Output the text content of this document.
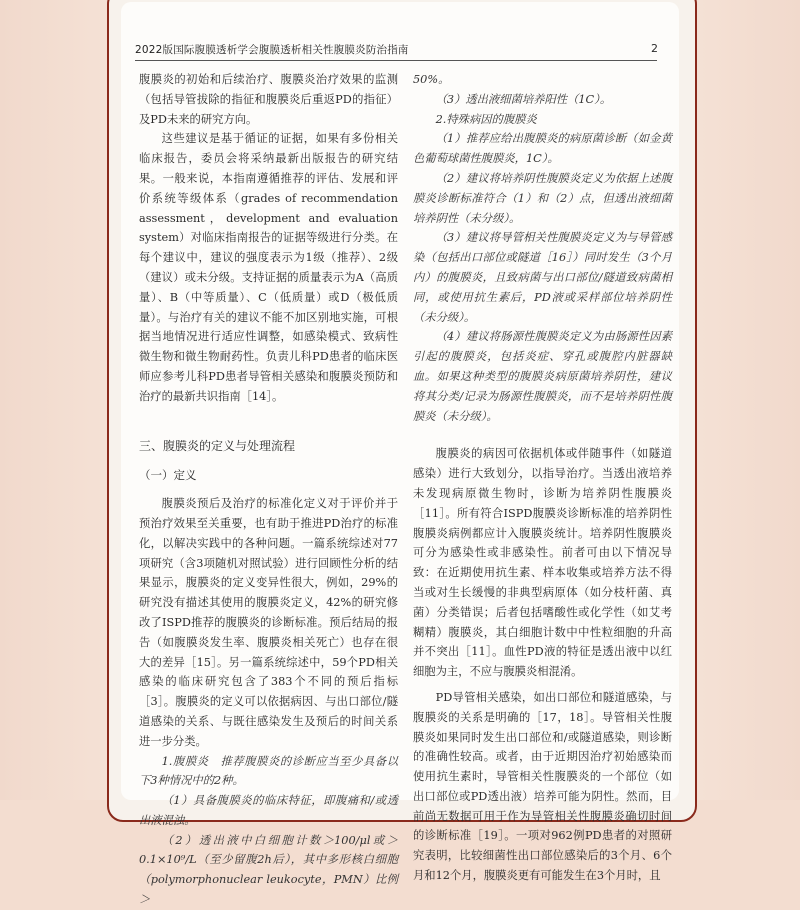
2022版国际腹膜透析学会腹膜透析相关性腹膜炎防治指南	2

腹膜炎的初始和后续治疗、腹膜炎治疗效果的监测（包括导管拔除的指征和腹膜炎后重返PD的指征）及PD未来的研究方向。

这些建议是基于循证的证据，如果有多份相关临床报告，委员会将采纳最新出版报告的研究结果。一般来说，本指南遵循推荐的评估、发展和评价系统等级体系（grades of recommendation assessment，development and evaluation system）对临床指南报告的证据等级进行分类。在每个建议中，建议的强度表示为1级（推荐）、2级（建议）或未分级。支持证据的质量表示为A（高质量）、B（中等质量）、C（低质量）或D（极低质量）。与治疗有关的建议不能不加区别地实施，可根据当地情况进行适应性调整，如感染模式、致病性微生物和微生物耐药性。负责儿科PD患者的临床医师应参考儿科PD患者导管相关感染和腹膜炎预防和治疗的最新共识指南［14］。

三、腹膜炎的定义与处理流程
（一）定义

腹膜炎预后及治疗的标准化定义对于评价并于预治疗效果至关重要，也有助于推进PD治疗的标准化，以解决实践中的各种问题。一篇系统综述对77项研究（含3项随机对照试验）进行回顾性分析的结果显示，腹膜炎的定义变异性很大，例如，29%的研究没有描述其使用的腹膜炎定义，42%的研究修改了ISPD推荐的腹膜炎的诊断标准。预后结局的报告（如腹膜炎发生率、腹膜炎相关死亡）也存在很大的差异［15］。另一篇系统综述中，59个PD相关感染的临床研究包含了383个不同的预后指标［3］。腹膜炎的定义可以依据病因、与出口部位/隧道感染的关系、与既往感染发生及预后的时间关系进一步分类。

1.腹膜炎　推荐腹膜炎的诊断应当至少具备以下3种情况中的2种。

（1）具备腹膜炎的临床特征，即腹痛和/或透出液混浊。

（2）透出液中白细胞计数＞100/μl或＞0.1×10⁹/L（至少留腹2h后），其中多形核白细胞（polymorphonuclear leukocyte，PMN）比例＞

50%。

（3）透出液细菌培养阳性（1C）。

2.特殊病因的腹膜炎

（1）推荐应给出腹膜炎的病原菌诊断（如金黄色葡萄球菌性腹膜炎，1C）。

（2）建议将培养阴性腹膜炎定义为依据上述腹膜炎诊断标准符合（1）和（2）点，但透出液细菌培养阴性（未分级）。

（3）建议将导管相关性腹膜炎定义为与导管感染（包括出口部位或隧道［16］）同时发生（3个月内）的腹膜炎，且致病菌与出口部位/隧道致病菌相同，或使用抗生素后，PD液或采样部位培养阴性（未分级）。

（4）建议将肠源性腹膜炎定义为由肠源性因素引起的腹膜炎，包括炎症、穿孔或腹腔内脏器缺血。如果这种类型的腹膜炎病原菌培养阴性，建议将其分类/记录为肠源性腹膜炎，而不是培养阴性腹膜炎（未分级）。

腹膜炎的病因可依据机体或伴随事件（如隧道感染）进行大致划分，以指导治疗。当透出液培养未发现病原微生物时，诊断为培养阴性腹膜炎［11］。所有符合ISPD腹膜炎诊断标准的培养阴性腹膜炎病例都应计入腹膜炎统计。培养阴性腹膜炎可分为感染性或非感染性。前者可由以下情况导致：在近期使用抗生素、样本收集或培养方法不得当或对生长缓慢的非典型病原体（如分枝杆菌、真菌）分类错误；后者包括嗜酸性或化学性（如艾考糊精）腹膜炎，其白细胞计数中中性粒细胞的升高并不突出［11］。血性PD液的特征是透出液中以红细胞为主，不应与腹膜炎相混淆。

PD导管相关感染，如出口部位和隧道感染，与腹膜炎的关系是明确的［17，18］。导管相关性腹膜炎如果同时发生出口部位和/或隧道感染，则诊断的准确性较高。或者，由于近期因治疗初始感染而使用抗生素时，导管相关性腹膜炎的一个部位（如出口部位或PD透出液）培养可能为阴性。然而，目前尚无数据可用于作为导管相关性腹膜炎确切时间的诊断标准［19］。一项对962例PD患者的对照研究表明，比较细菌性出口部位感染后的3个月、6个月和12个月，腹膜炎更有可能发生在3个月时，且
